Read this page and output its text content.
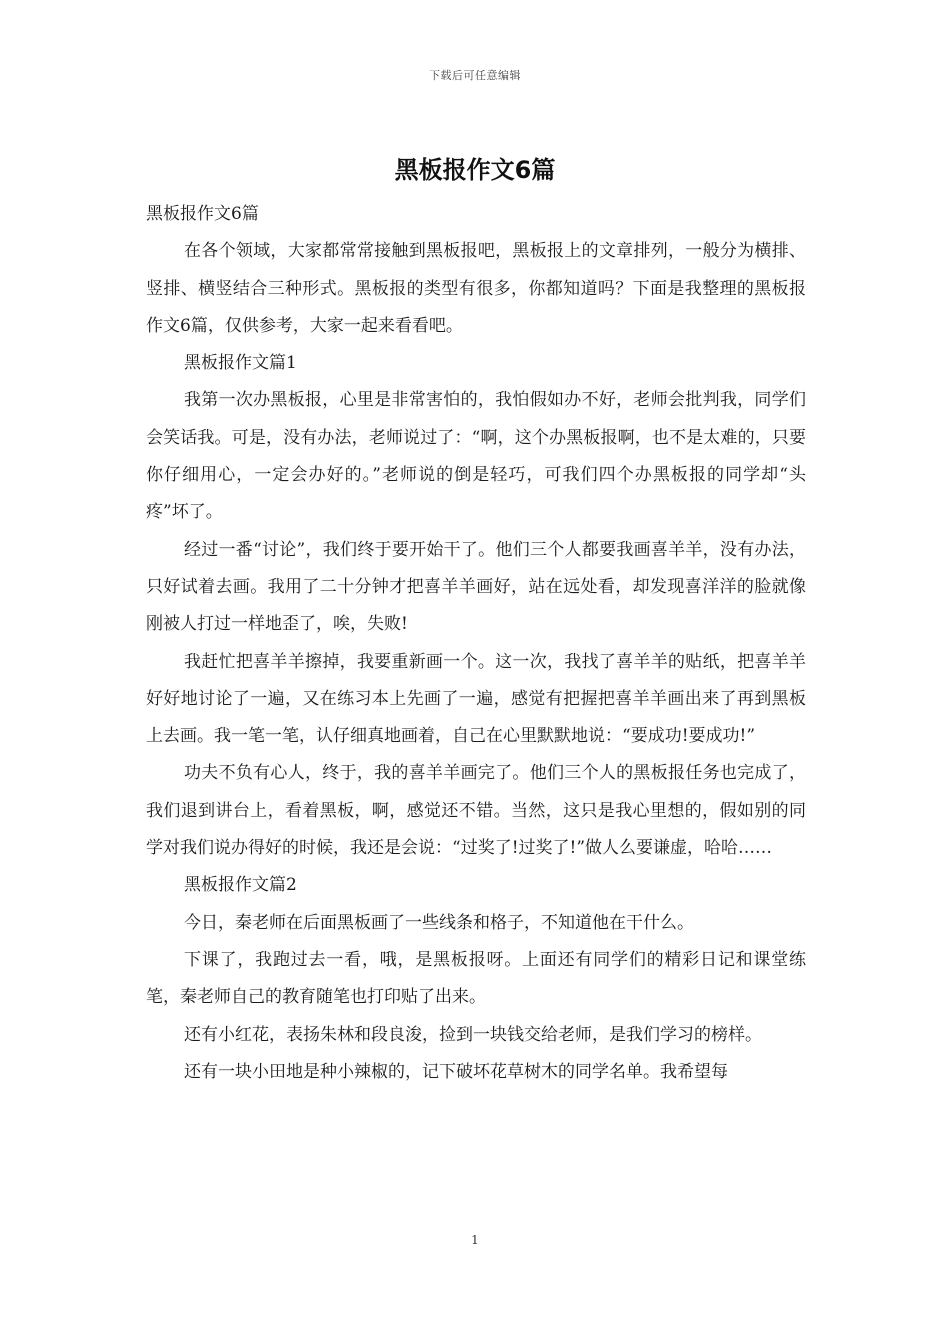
下载后可任意编辑
黑板报作文6篇

黑板报作文6篇

在各个领域，大家都常常接触到黑板报吧，黑板报上的文章排列，一般分为横排、竖排、横竖结合三种形式。黑板报的类型有很多，你都知道吗？下面是我整理的黑板报作文6篇，仅供参考，大家一起来看看吧。

黑板报作文篇1

我第一次办黑板报，心里是非常害怕的，我怕假如办不好，老师会批判我，同学们会笑话我。可是，没有办法，老师说过了：“啊，这个办黑板报啊，也不是太难的，只要你仔细用心，一定会办好的。”老师说的倒是轻巧，可我们四个办黑板报的同学却“头疼”坏了。

经过一番“讨论”，我们终于要开始干了。他们三个人都要我画喜羊羊，没有办法，只好试着去画。我用了二十分钟才把喜羊羊画好，站在远处看，却发现喜洋洋的脸就像刚被人打过一样地歪了，唉，失败!

我赶忙把喜羊羊擦掉，我要重新画一个。这一次，我找了喜羊羊的贴纸，把喜羊羊好好地讨论了一遍，又在练习本上先画了一遍，感觉有把握把喜羊羊画出来了再到黑板上去画。我一笔一笔，认仔细真地画着，自己在心里默默地说：“要成功!要成功!”

功夫不负有心人，终于，我的喜羊羊画完了。他们三个人的黑板报任务也完成了，我们退到讲台上，看着黑板，啊，感觉还不错。当然，这只是我心里想的，假如别的同学对我们说办得好的时候，我还是会说：“过奖了!过奖了!”做人么要谦虚，哈哈……

黑板报作文篇2

今日，秦老师在后面黑板画了一些线条和格子，不知道他在干什么。

下课了，我跑过去一看，哦，是黑板报呀。上面还有同学们的精彩日记和课堂练笔，秦老师自己的教育随笔也打印贴了出来。

还有小红花，表扬朱林和段良浚，捡到一块钱交给老师，是我们学习的榜样。

还有一块小田地是种小辣椒的，记下破坏花草树木的同学名单。我希望每

1
